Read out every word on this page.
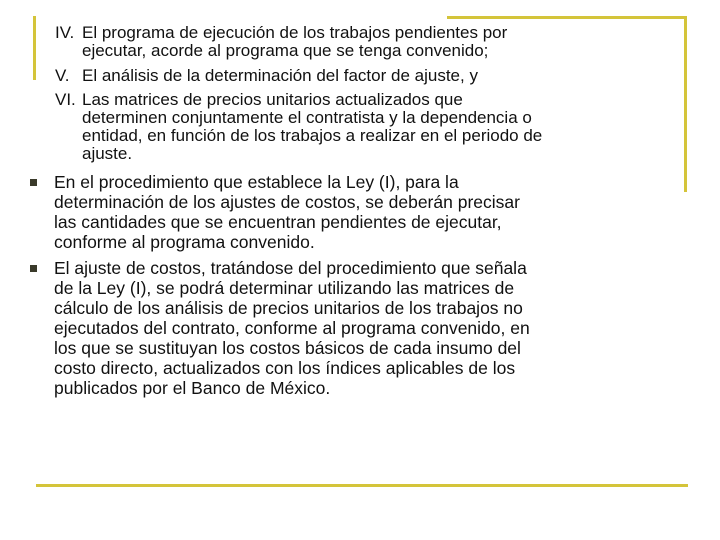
IV. El programa de ejecución de los trabajos pendientes por
ejecutar, acorde al programa que se tenga convenido;
V. El análisis de la determinación del factor de ajuste, y
VI. Las matrices de precios unitarios actualizados que
determinen conjuntamente el contratista y la dependencia o
entidad, en función de los trabajos a realizar en el periodo de
ajuste.
En el procedimiento que establece la Ley (I), para la
determinación de los ajustes de costos, se deberán precisar
las cantidades que se encuentran pendientes de ejecutar,
conforme al programa convenido.
El ajuste de costos, tratándose del procedimiento que señala
de la Ley (I), se podrá determinar utilizando las matrices de
cálculo de los análisis de precios unitarios de los trabajos no
ejecutados del contrato, conforme al programa convenido, en
los que se sustituyan los costos básicos de cada insumo del
costo directo, actualizados con los índices aplicables de los
publicados por el Banco de México.
